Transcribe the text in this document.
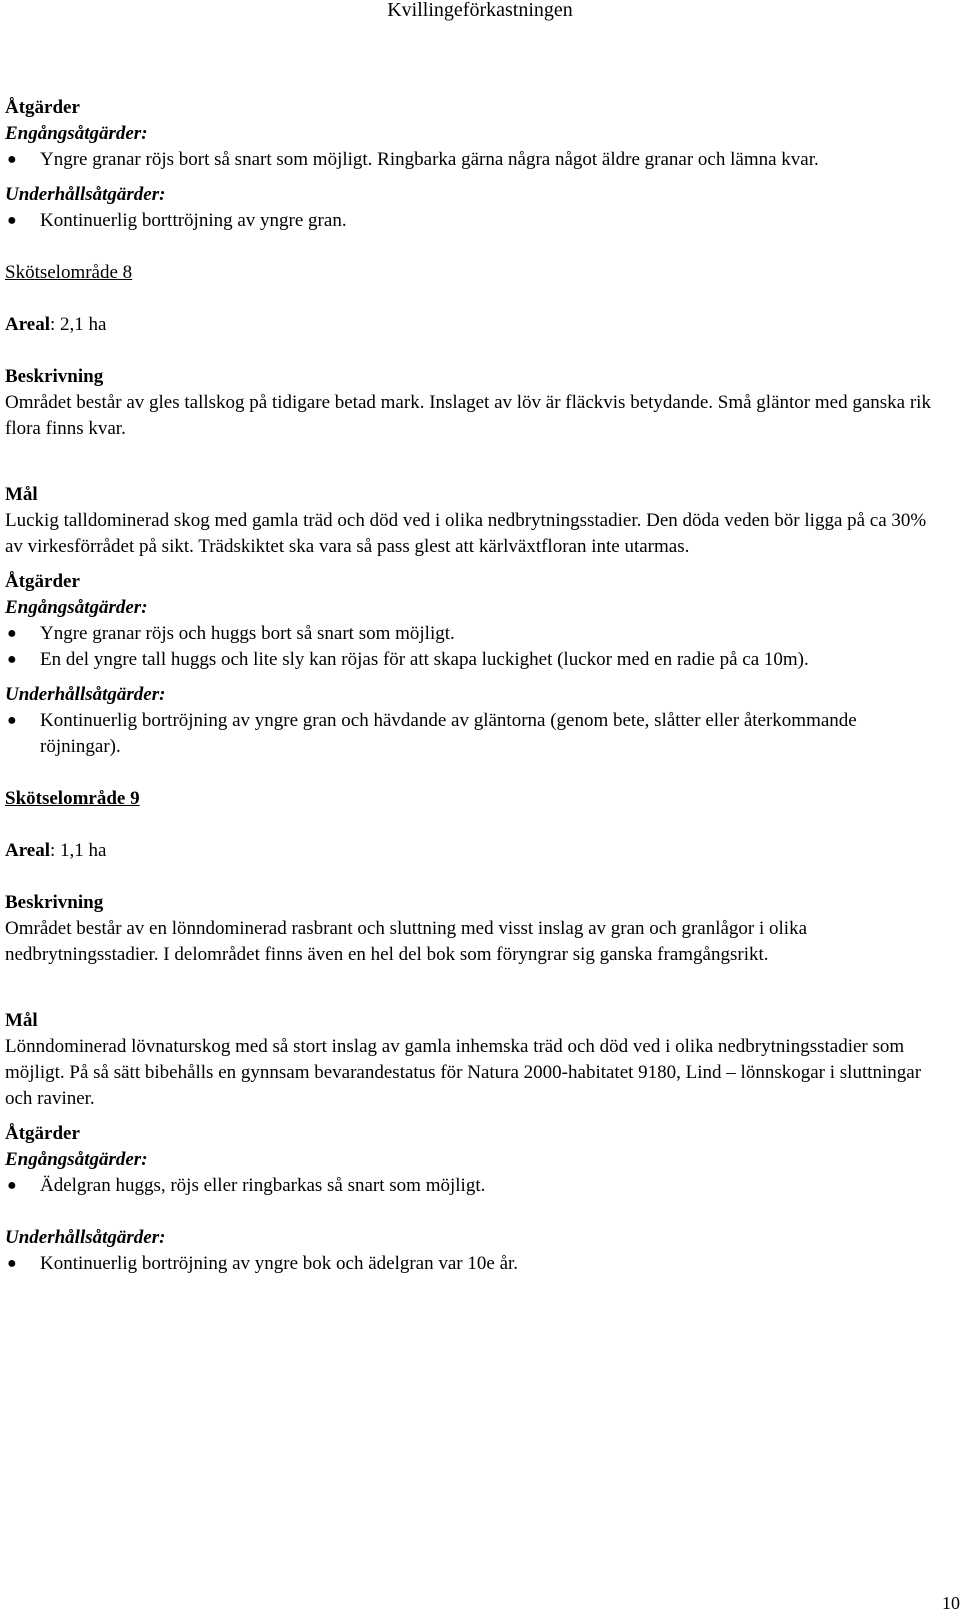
Kvillingeförkastningen

Åtgärder

Engångsåtgärder:

● Yngre granar röjs bort så snart som möjligt. Ringbarka gärna några något äldre granar och lämna kvar.

Underhållsåtgärder:

● Kontinuerlig borttröjning av yngre gran.

Skötselområde 8

Areal: 2,1 ha

Beskrivning

Området består av gles tallskog på tidigare betad mark. Inslaget av löv är fläckvis betydande. Små gläntor med ganska rik flora finns kvar.

Mål

Luckig talldominerad skog med gamla träd och död ved i olika nedbrytningsstadier. Den döda veden bör ligga på ca 30% av virkesförrådet på sikt. Trädskiktet ska vara så pass glest att kärlväxtfloran inte utarmas.

Åtgärder

Engångsåtgärder:

● Yngre granar röjs och huggs bort så snart som möjligt.
● En del yngre tall huggs och lite sly kan röjas för att skapa luckighet (luckor med en radie på ca 10m).

Underhållsåtgärder:

● Kontinuerlig bortröjning av yngre gran och hävdande av gläntorna (genom bete, slåtter eller återkommande röjningar).

Skötselområde 9

Areal: 1,1 ha

Beskrivning

Området består av en lönndominerad rasbrant och sluttning med visst inslag av gran och granlågor i olika nedbrytningsstadier. I delområdet finns även en hel del bok som föryngrar sig ganska framgångsrikt.

Mål

Lönndominerad lövnaturskog med så stort inslag av gamla inhemska träd och död ved i olika nedbrytningsstadier som möjligt. På så sätt bibehålls en gynnsam bevarandestatus för Natura 2000-habitatet 9180, Lind – lönnskogar i sluttningar och raviner.

Åtgärder

Engångsåtgärder:

● Ädelgran huggs, röjs eller ringbarkas så snart som möjligt.

Underhållsåtgärder:

● Kontinuerlig bortröjning av yngre bok och ädelgran var 10e år.
10
